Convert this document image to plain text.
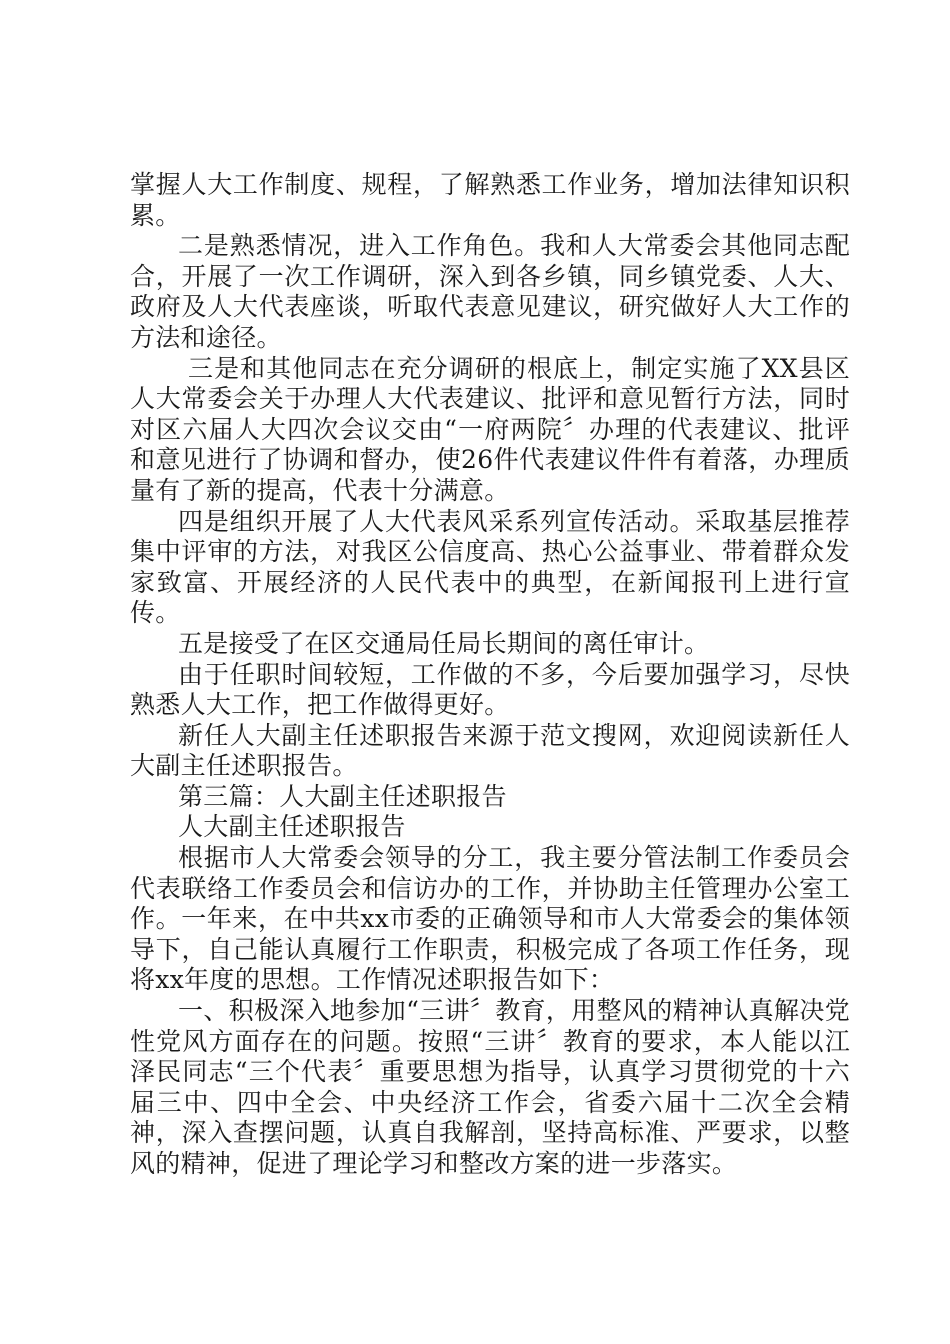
掌握人大工作制度、规程，了解熟悉工作业务，增加法律知识积累。

二是熟悉情况，进入工作角色。我和人大常委会其他同志配合，开展了一次工作调研，深入到各乡镇，同乡镇党委、人大、政府及人大代表座谈，听取代表意见建议，研究做好人大工作的方法和途径。

三是和其他同志在充分调研的根底上，制定实施了XX县区人大常委会关于办理人大代表建议、批评和意见暂行方法，同时对区六届人大四次会议交由“一府两院〞办理的代表建议、批评和意见进行了协调和督办，使26件代表建议件件有着落，办理质量有了新的提高，代表十分满意。

四是组织开展了人大代表风采系列宣传活动。采取基层推荐集中评审的方法，对我区公信度高、热心公益事业、带着群众发家致富、开展经济的人民代表中的典型，在新闻报刊上进行宣传。

五是接受了在区交通局任局长期间的离任审计。

由于任职时间较短，工作做的不多，今后要加强学习，尽快熟悉人大工作，把工作做得更好。

新任人大副主任述职报告来源于范文搜网，欢迎阅读新任人大副主任述职报告。

第三篇：人大副主任述职报告

人大副主任述职报告

根据市人大常委会领导的分工，我主要分管法制工作委员会代表联络工作委员会和信访办的工作，并协助主任管理办公室工作。一年来，在中共xx市委的正确领导和市人大常委会的集体领导下，自己能认真履行工作职责，积极完成了各项工作任务，现将xx年度的思想。工作情况述职报告如下：

一、积极深入地参加“三讲〞教育，用整风的精神认真解决党性党风方面存在的问题。按照“三讲〞教育的要求，本人能以江泽民同志“三个代表〞重要思想为指导，认真学习贯彻党的十六届三中、四中全会、中央经济工作会，省委六届十二次全会精神，深入查摆问题，认真自我解剖，坚持高标准、严要求，以整风的精神，促进了理论学习和整改方案的进一步落实。
